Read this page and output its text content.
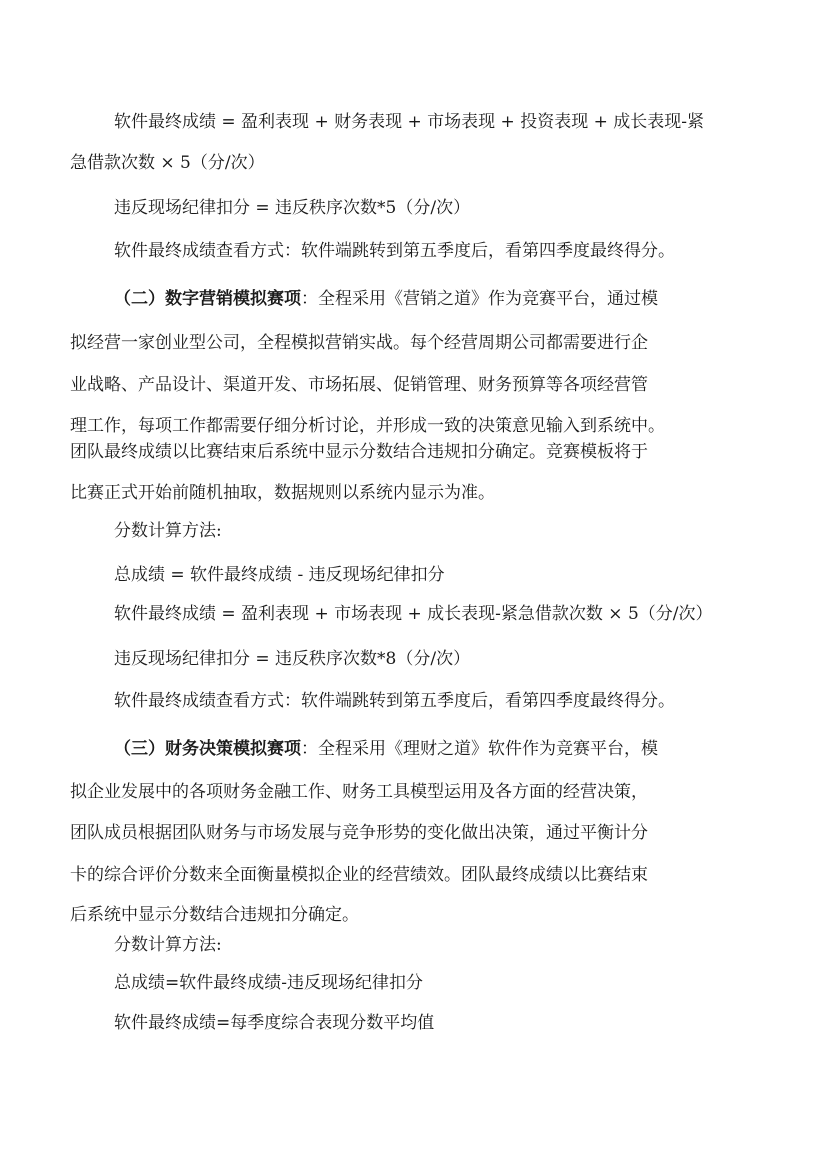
软件最终成绩 = 盈利表现 + 财务表现 + 市场表现 + 投资表现 + 成长表现-紧
急借款次数 × 5（分/次）
违反现场纪律扣分 = 违反秩序次数*5（分/次）
软件最终成绩查看方式：软件端跳转到第五季度后，看第四季度最终得分。
（二）数字营销模拟赛项：全程采用《营销之道》作为竞赛平台，通过模
拟经营一家创业型公司，全程模拟营销实战。每个经营周期公司都需要进行企
业战略、产品设计、渠道开发、市场拓展、促销管理、财务预算等各项经营管
理工作，每项工作都需要仔细分析讨论，并形成一致的决策意见输入到系统中。
团队最终成绩以比赛结束后系统中显示分数结合违规扣分确定。竞赛模板将于
比赛正式开始前随机抽取，数据规则以系统内显示为准。
分数计算方法:
总成绩 = 软件最终成绩 - 违反现场纪律扣分
软件最终成绩 = 盈利表现 + 市场表现 + 成长表现-紧急借款次数 × 5（分/次）
违反现场纪律扣分 = 违反秩序次数*8（分/次）
软件最终成绩查看方式：软件端跳转到第五季度后，看第四季度最终得分。
（三）财务决策模拟赛项：全程采用《理财之道》软件作为竞赛平台，模
拟企业发展中的各项财务金融工作、财务工具模型运用及各方面的经营决策，
团队成员根据团队财务与市场发展与竞争形势的变化做出决策，通过平衡计分
卡的综合评价分数来全面衡量模拟企业的经营绩效。团队最终成绩以比赛结束
后系统中显示分数结合违规扣分确定。
分数计算方法:
总成绩=软件最终成绩-违反现场纪律扣分
软件最终成绩=每季度综合表现分数平均值
